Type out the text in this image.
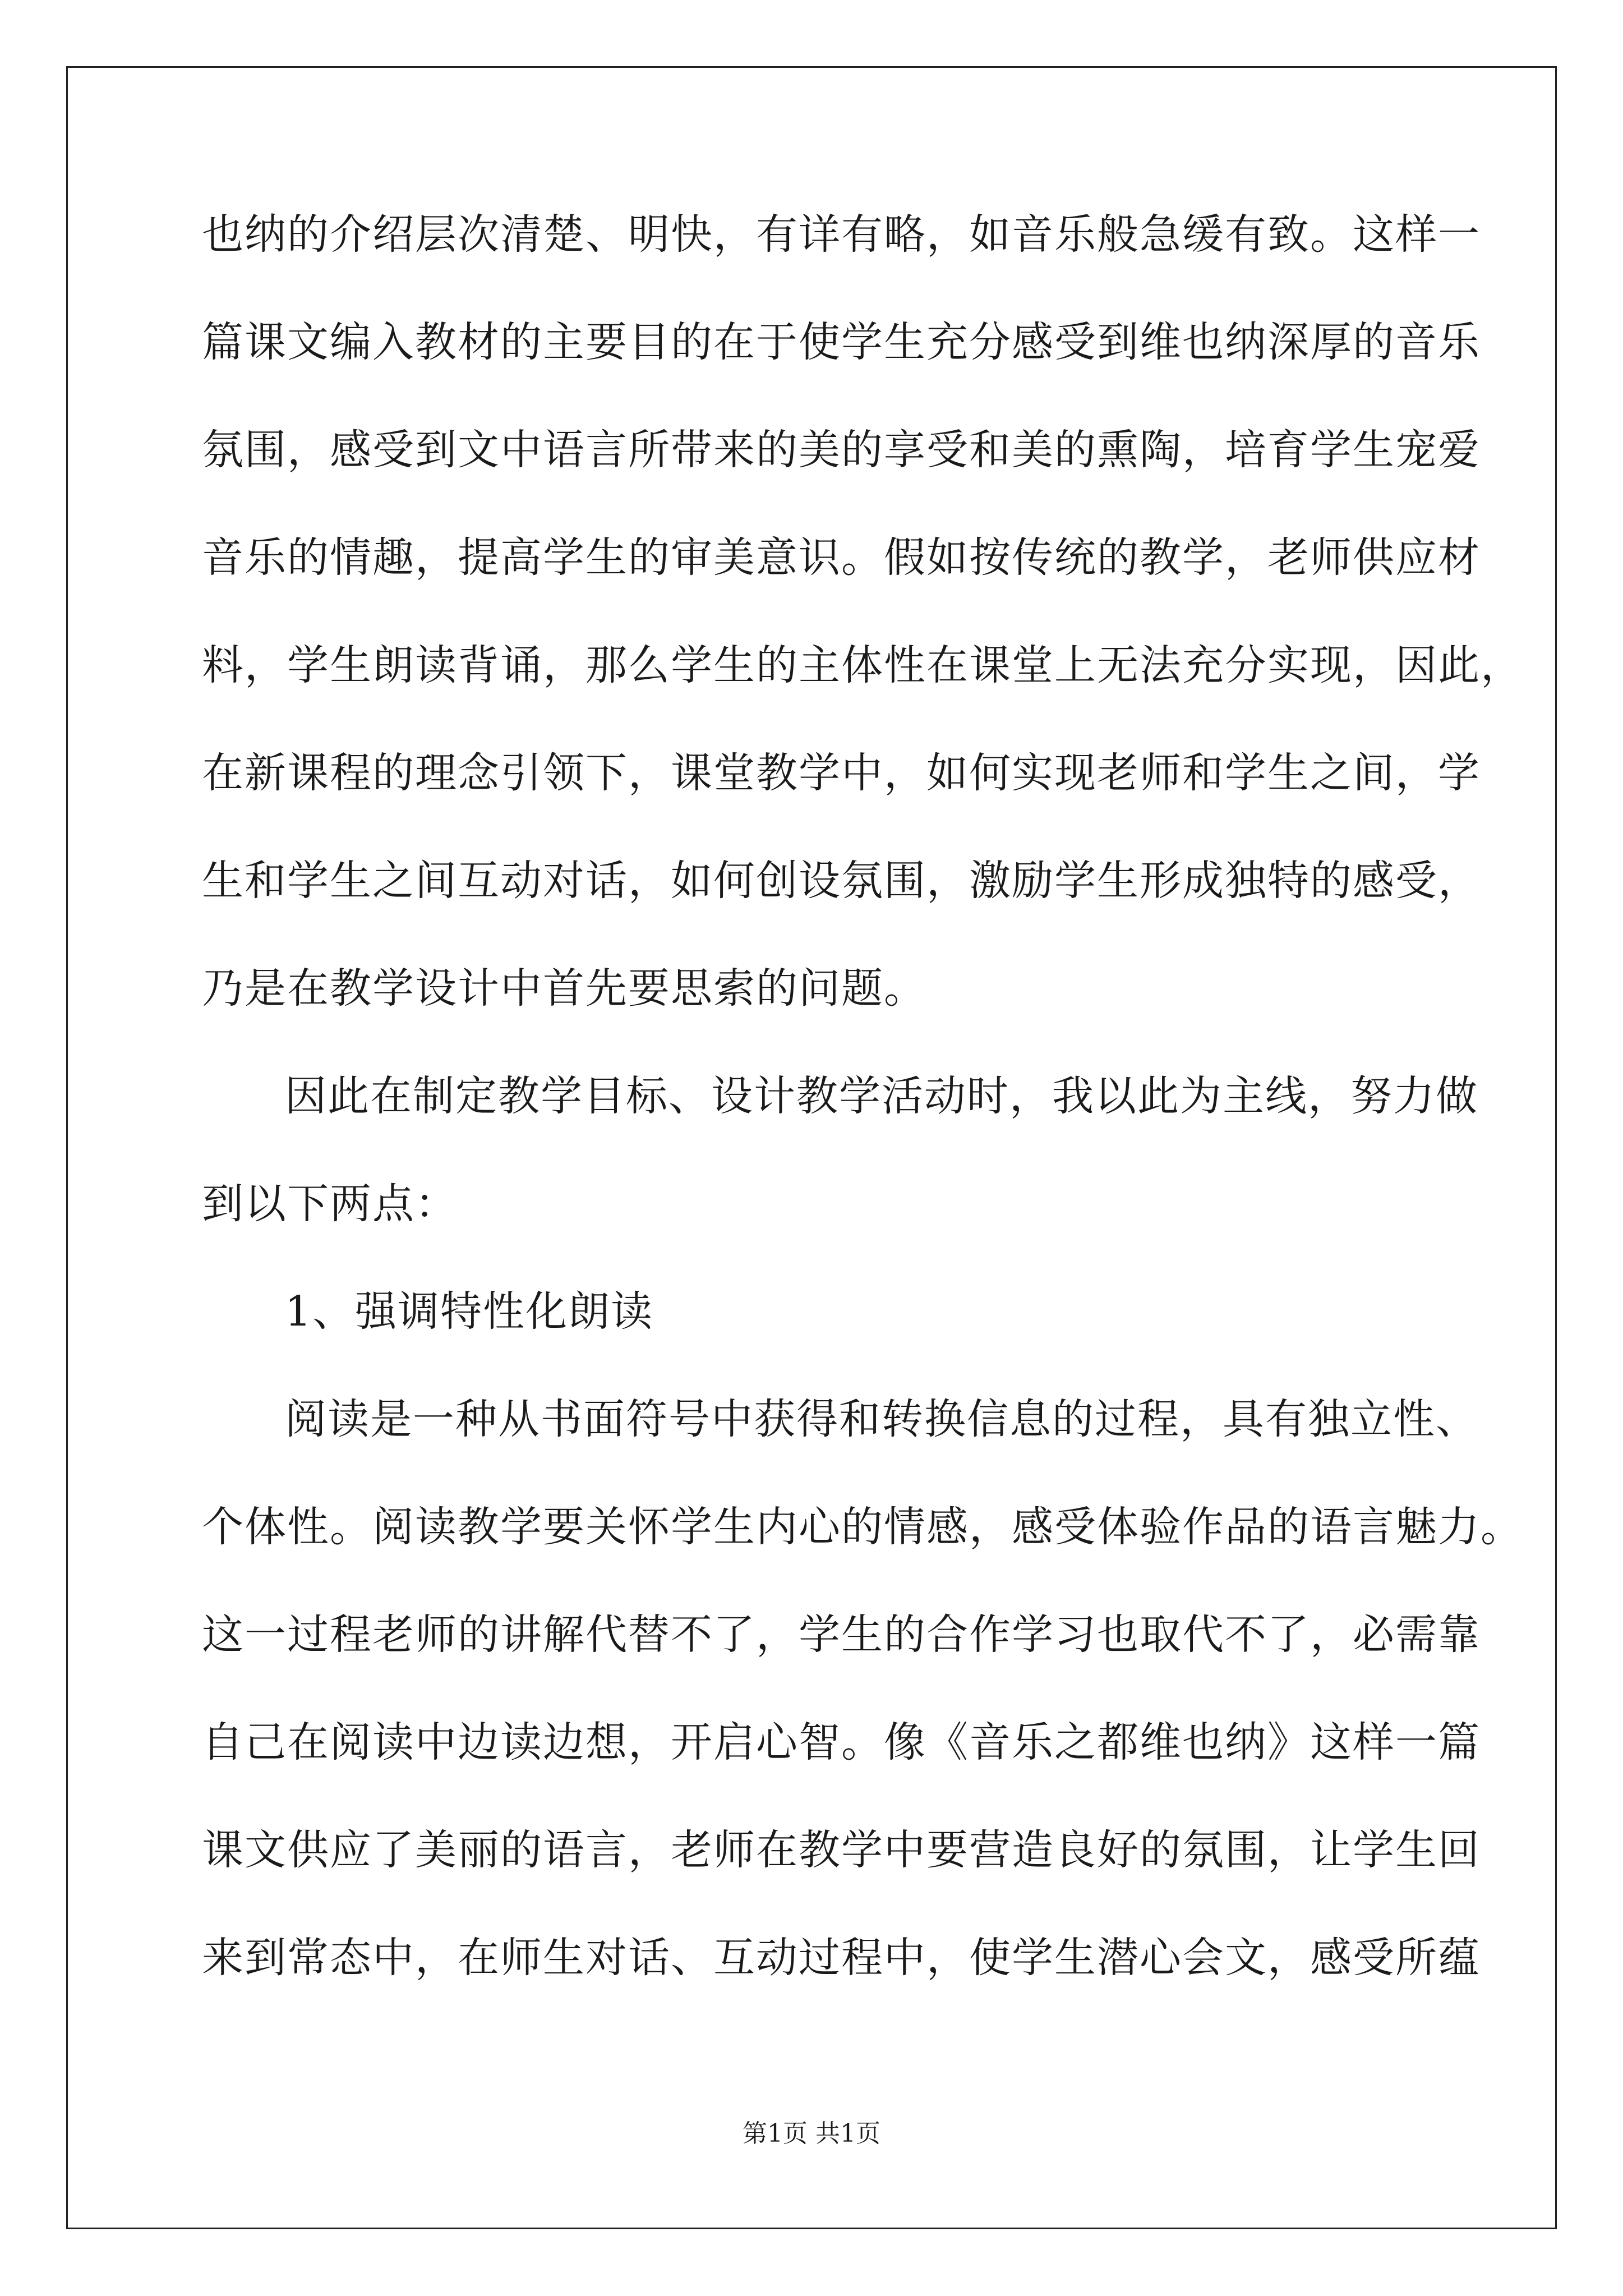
也纳的介绍层次清楚、明快，有详有略，如音乐般急缓有致。这样一
篇课文编入教材的主要目的在于使学生充分感受到维也纳深厚的音乐
氛围，感受到文中语言所带来的美的享受和美的熏陶，培育学生宠爱
音乐的情趣，提高学生的审美意识。假如按传统的教学，老师供应材
料，学生朗读背诵，那么学生的主体性在课堂上无法充分实现，因此，
在新课程的理念引领下，课堂教学中，如何实现老师和学生之间，学
生和学生之间互动对话，如何创设氛围，激励学生形成独特的感受，
乃是在教学设计中首先要思索的问题。
因此在制定教学目标、设计教学活动时，我以此为主线，努力做
到以下两点：
1、强调特性化朗读
阅读是一种从书面符号中获得和转换信息的过程，具有独立性、
个体性。阅读教学要关怀学生内心的情感，感受体验作品的语言魅力。
这一过程老师的讲解代替不了，学生的合作学习也取代不了，必需靠
自己在阅读中边读边想，开启心智。像《音乐之都维也纳》这样一篇
课文供应了美丽的语言，老师在教学中要营造良好的氛围，让学生回
来到常态中，在师生对话、互动过程中，使学生潜心会文，感受所蕴
第1页 共1页
